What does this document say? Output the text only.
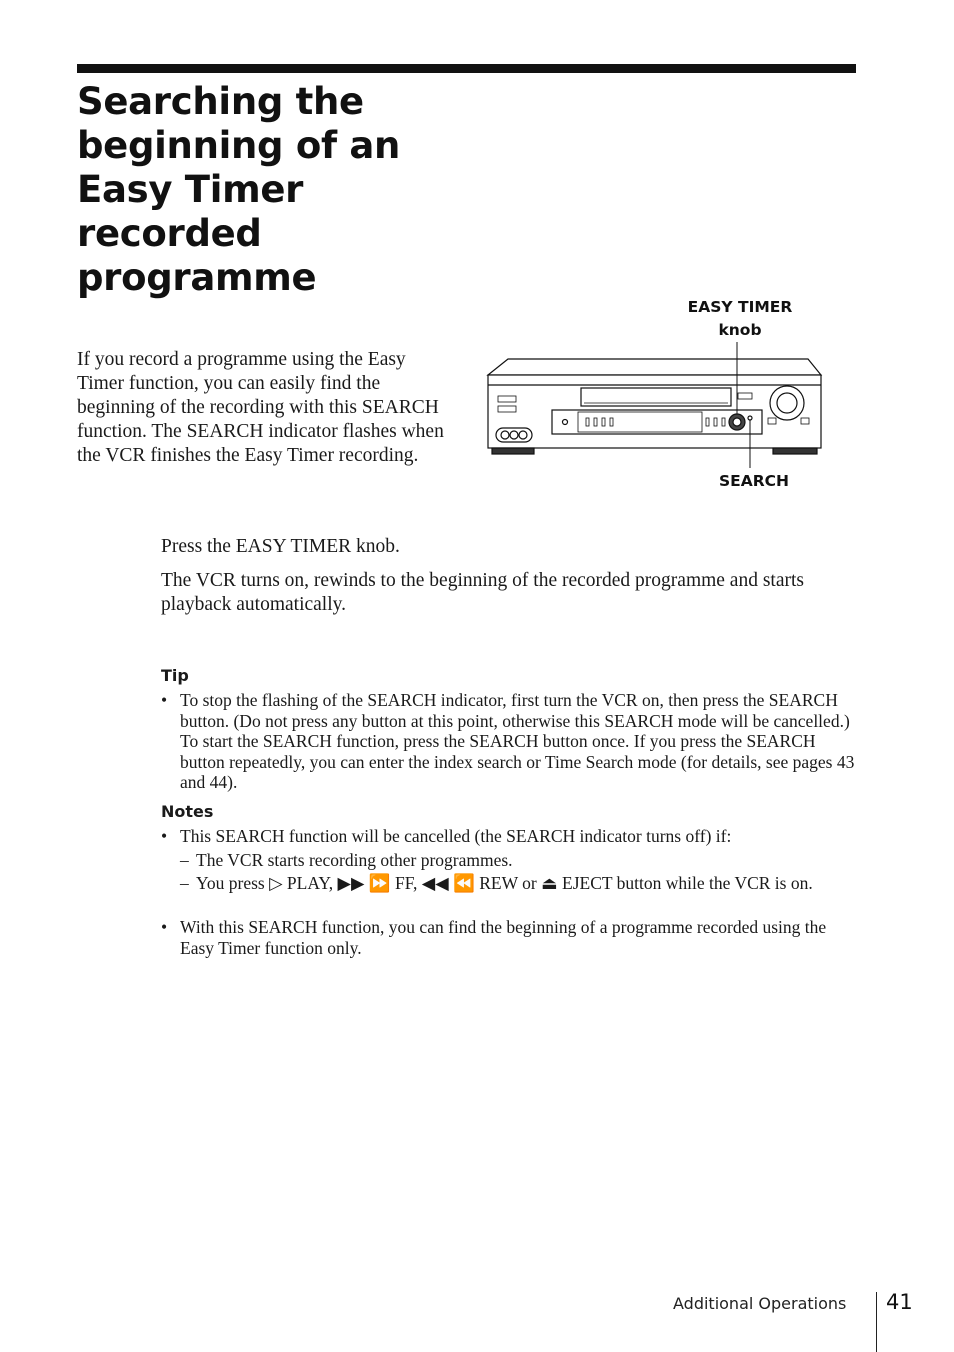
Searching the beginning of an Easy Timer recorded programme

If you record a programme using the Easy Timer function, you can easily find the beginning of the recording with this SEARCH function. The SEARCH indicator flashes when the VCR finishes the Easy Timer recording.

EASY TIMER
knob
SEARCH

Press the EASY TIMER knob.

The VCR turns on, rewinds to the beginning of the recorded programme and starts playback automatically.

Tip

• To stop the flashing of the SEARCH indicator, first turn the VCR on, then press the SEARCH button. (Do not press any button at this point, otherwise this SEARCH mode will be cancelled.) To start the SEARCH function, press the SEARCH button once. If you press the SEARCH button repeatedly, you can enter the index search or Time Search mode (for details, see pages 43 and 44).

Notes

• This SEARCH function will be cancelled (the SEARCH indicator turns off) if:
– The VCR starts recording other programmes.
– You press ▷ PLAY, ▶▶ ⏩ FF, ◀◀ ⏪ REW or ⏏ EJECT button while the VCR is on.
• With this SEARCH function, you can find the beginning of a programme recorded using the Easy Timer function only.
Additional Operations 41
